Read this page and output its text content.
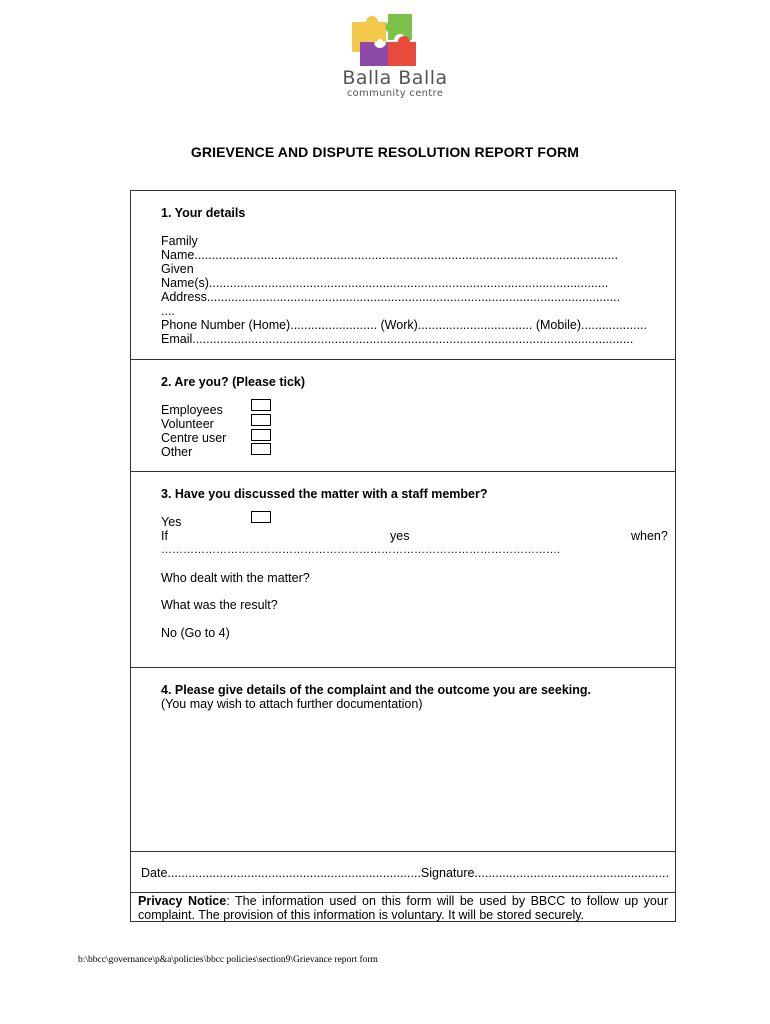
Balla Balla
community centre
GRIEVENCE AND DISPUTE RESOLUTION REPORT FORM
1. Your details
Family
Name..........................................................................................................................
Given
Name(s)...................................................................................................................
Address.......................................................................................................................
....
Phone Number (Home)......................... (Work)................................. (Mobile)...................
Email...............................................................................................................................
2. Are you? (Please tick)
Employees
Volunteer
Centre user
Other
3. Have you discussed the matter with a staff member?
Yes
If	yes	when?
……………………………………………………………………………………………….
Who dealt with the matter?
What was the result?
No (Go to 4)
4. Please give details of the complaint and the outcome you are seeking.
(You may wish to attach further documentation)
Date.........................................................................Signature........................................................
Privacy Notice: The information used on this form will be used by BBCC to follow up your complaint. The provision of this information is voluntary. It will be stored securely.
b:\bbcc\governance\p&a\policies\bbcc policies\section9\Grievance report form
